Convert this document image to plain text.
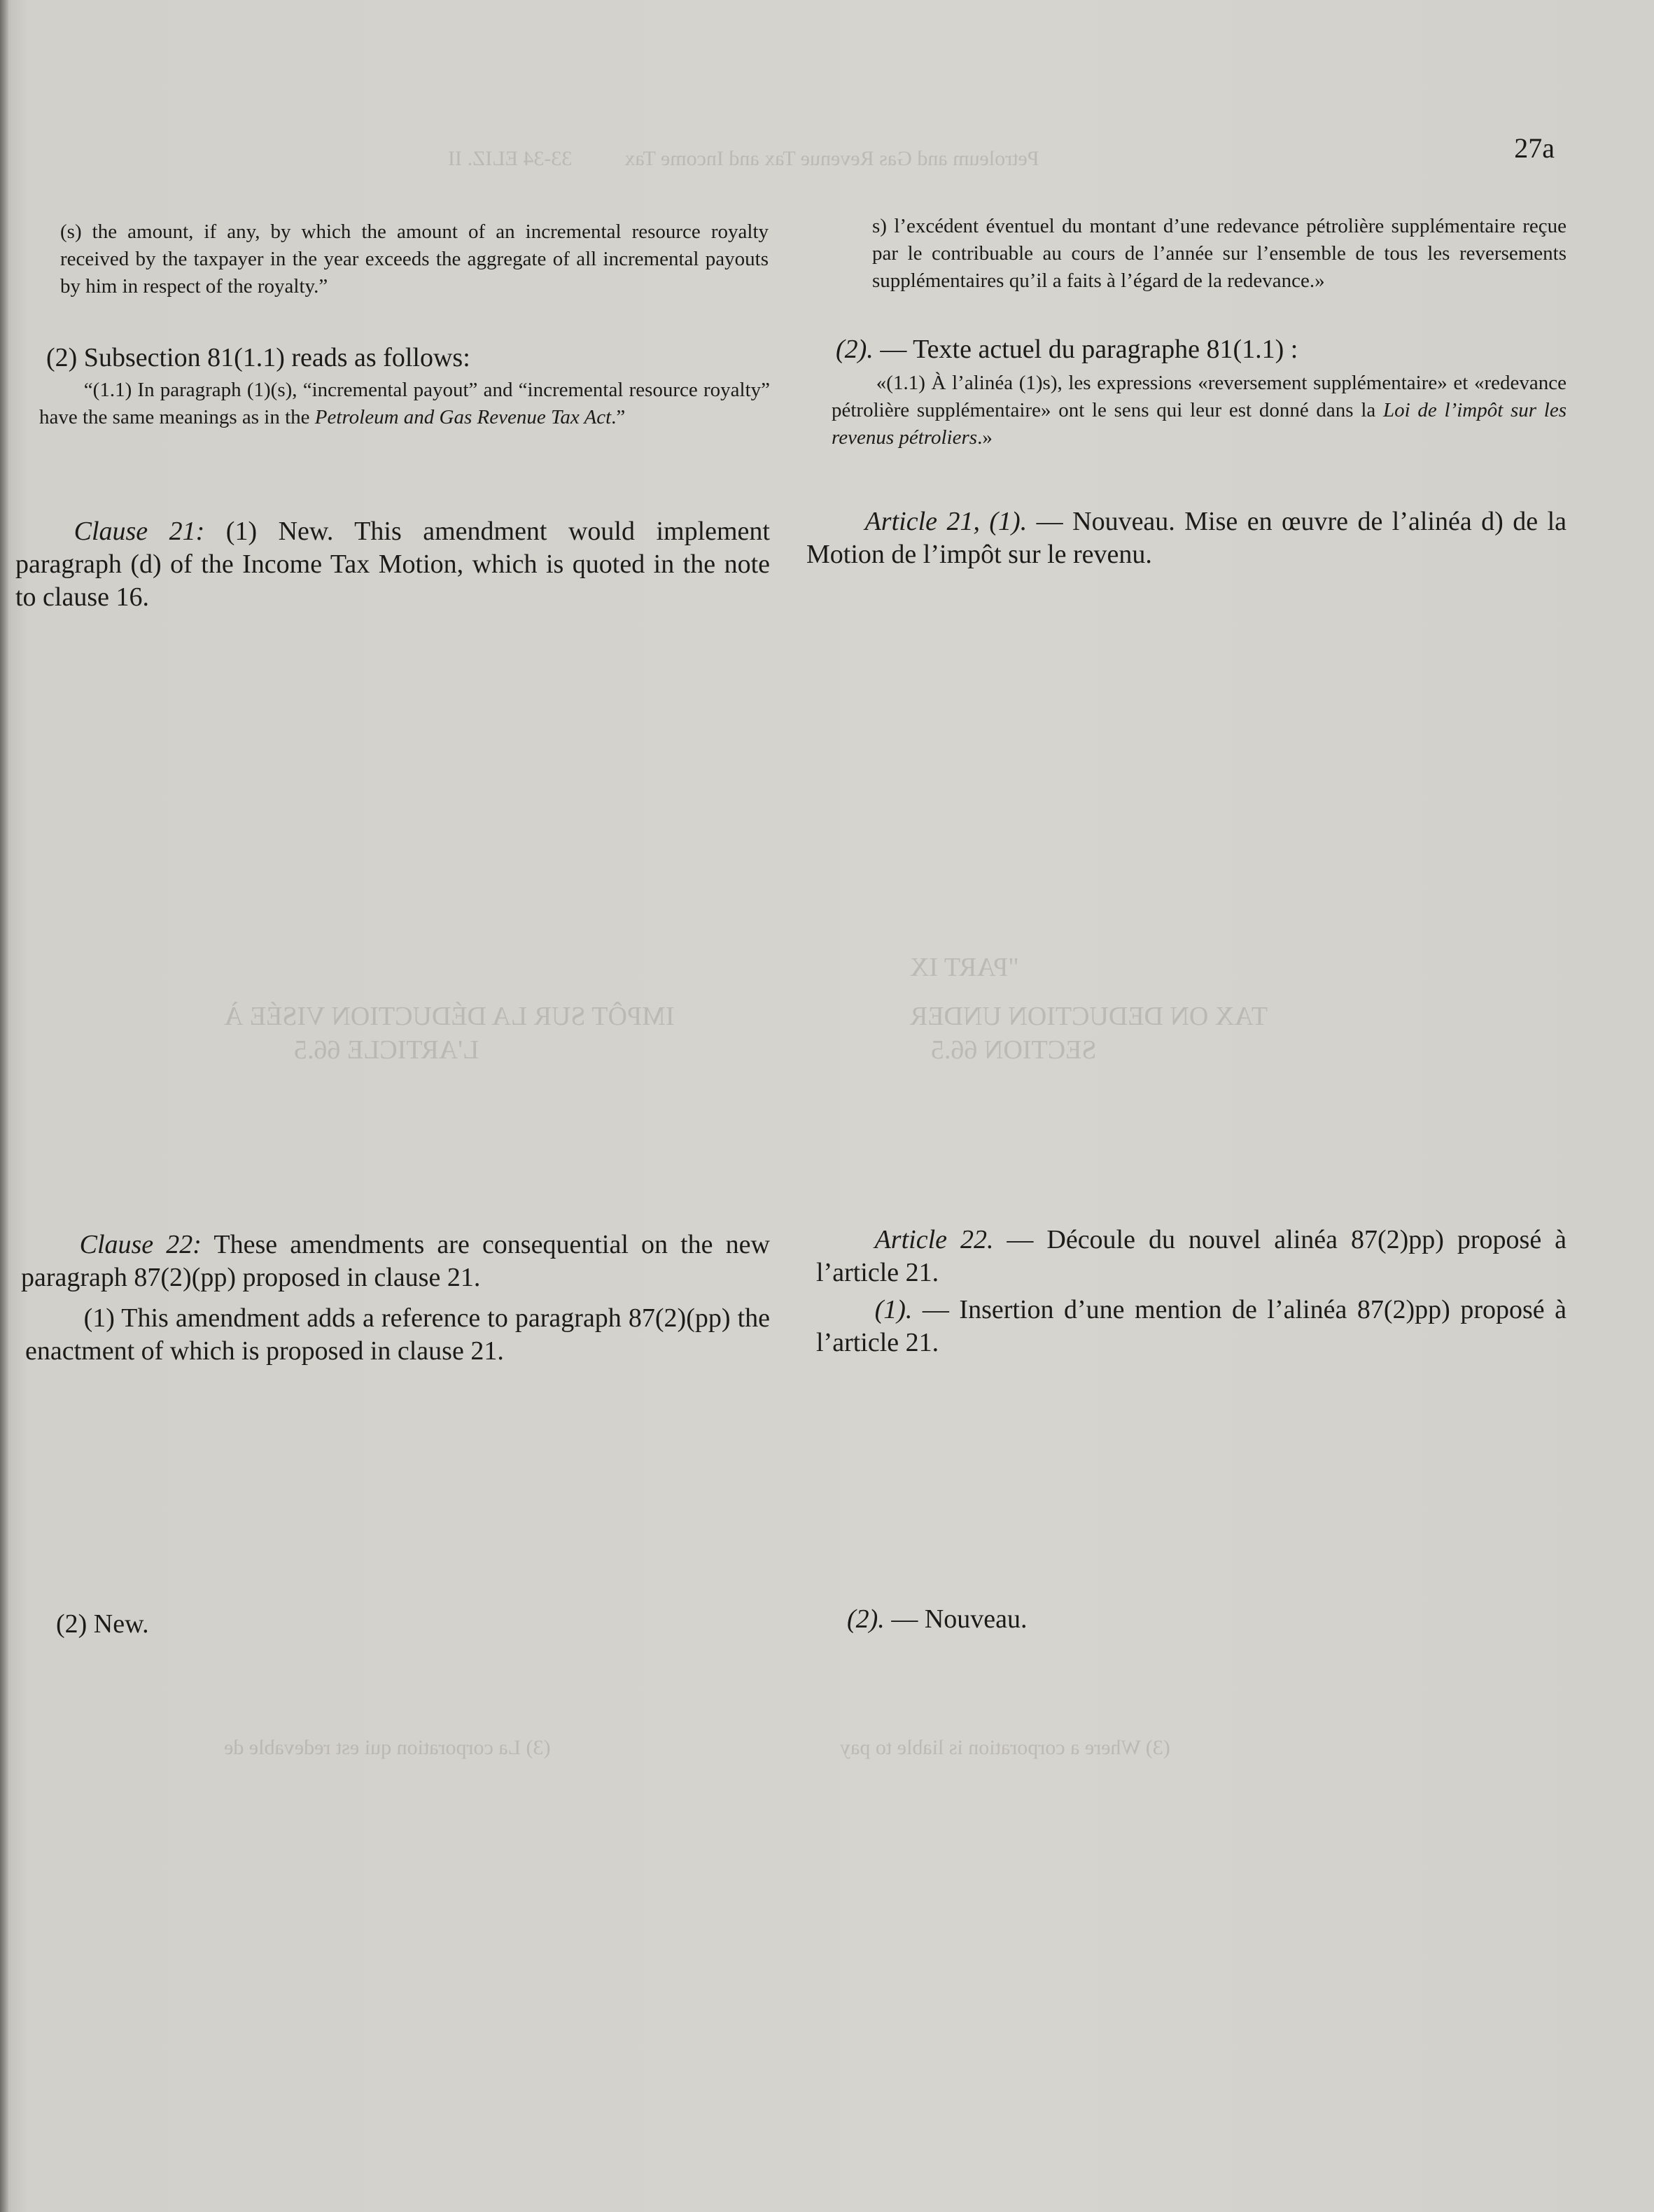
Petroleum and Gas Revenue Tax and Income Tax          33-34 ELIZ. II
"PART IX
TAX ON DEDUCTION UNDER
SECTION 66.5
IMPÔT SUR LA DÉDUCTION VISÉE À
L'ARTICLE 66.5
(3) Where a corporation is liable to pay
(3) La corporation qui est redevable de
27a
(s) the amount, if any, by which the amount of an incremental resource royalty received by the taxpayer in the year exceeds the aggregate of all incremental payouts by him in respect of the royalty.”
(2) Subsection 81(1.1) reads as follows:

“(1.1) In paragraph (1)(s), “incremental payout” and “incremental resource royalty” have the same meanings as in the Petroleum and Gas Revenue Tax Act.”

Clause 21: (1) New. This amendment would implement paragraph (d) of the Income Tax Motion, which is quoted in the note to clause 16.

Clause 22: These amendments are consequential on the new paragraph 87(2)(pp) proposed in clause 21.

(1) This amendment adds a reference to paragraph 87(2)(pp) the enactment of which is proposed in clause 21.

(2) New.
s) l’excédent éventuel du montant d’une redevance pétrolière supplémentaire reçue par le contribuable au cours de l’année sur l’ensemble de tous les reversements supplémentaires qu’il a faits à l’égard de la redevance.»
(2). — Texte actuel du paragraphe 81(1.1) :

«(1.1) À l’alinéa (1)s), les expressions «reversement supplémentaire» et «redevance pétrolière supplémentaire» ont le sens qui leur est donné dans la Loi de l’impôt sur les revenus pétroliers.»

Article 21, (1). — Nouveau. Mise en œuvre de l’alinéa d) de la Motion de l’impôt sur le revenu.

Article 22. — Découle du nouvel alinéa 87(2)pp) proposé à l’article 21.

(1). — Insertion d’une mention de l’alinéa 87(2)pp) proposé à l’article 21.

(2). — Nouveau.
